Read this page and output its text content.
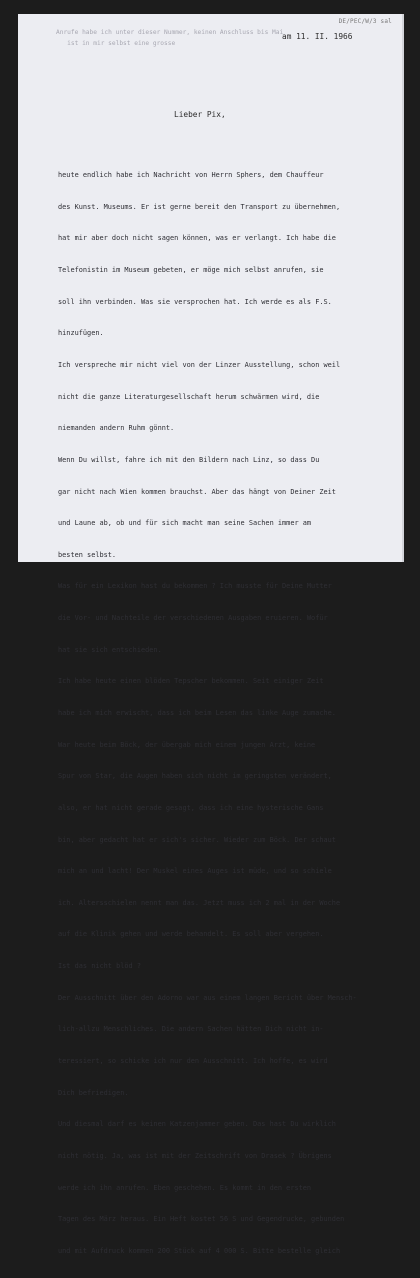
DE/PEC/W/3 sal
Anrufe habe ich unter dieser Nummer, keinen Anschluss bis Mai
ist in mir selbst eine grosse
am 11. II. 1966
Lieber Pix,

heute endlich habe ich Nachricht von Herrn Sphers, dem Chauffeur

des Kunst. Museums. Er ist gerne bereit den Transport zu übernehmen,

hat mir aber doch nicht sagen können, was er verlangt. Ich habe die

Telefonistin im Museum gebeten, er möge mich selbst anrufen, sie

soll ihn verbinden. Was sie versprochen hat. Ich werde es als F.S.

hinzufügen.

Ich verspreche mir nicht viel von der Linzer Ausstellung, schon weil

nicht die ganze Literaturgesellschaft herum schwärmen wird, die

niemanden andern Ruhm gönnt.

Wenn Du willst, fahre ich mit den Bildern nach Linz, so dass Du

gar nicht nach Wien kommen brauchst. Aber das hängt von Deiner Zeit

und Laune ab, ob und für sich macht man seine Sachen immer am

besten selbst.

Was für ein Lexikon hast du bekommen ? Ich musste für Deine Mutter

die Vor- und Nachteile der verschiedenen Ausgaben eruieren. Wofür

hat sie sich entschieden.

Ich habe heute einen blöden Tepscher bekommen. Seit einiger Zeit

habe ich mich erwischt, dass ich beim Lesen das linke Auge zumache.

War heute beim Böck, der übergab mich einem jungen Arzt, keine

Spur von Star, die Augen haben sich nicht im geringsten verändert,

also, er hat nicht gerade gesagt, dass ich eine hysterische Gans

bin, aber gedacht hat er sich's sicher. Wieder zum Böck. Der schaut

mich an und lacht! Der Muskel eines Auges ist müde, und so schiele

ich. Altersschielen nennt man das. Jetzt muss ich 2 mal in der Woche

auf die Klinik gehen und werde behandelt. Es soll aber vergehen.

Ist das nicht blöd ?

Der Ausschnitt über den Adorno war aus einem langen Bericht über Mensch-

lich-allzu Menschliches. Die andern Sachen hätten Dich nicht in-

teressiert, so schicke ich nur den Ausschnitt. Ich hoffe, es wird

Dich befriedigen.

Und diesmal darf es keinen Katzenjammer geben. Das hast Du wirklich

nicht nötig. Ja, was ist mit der Zeitschrift von Drasek ? Übrigens

werde ich ihn anrufen. Eben geschehen. Es kommt in den ersten

Tagen des März heraus. Ein Heft kostet 56 S und Gegendrucke, gebunden

und mit Aufdruck kommen 200 Stück auf 4 000 S. Bitte bestelle gleich
